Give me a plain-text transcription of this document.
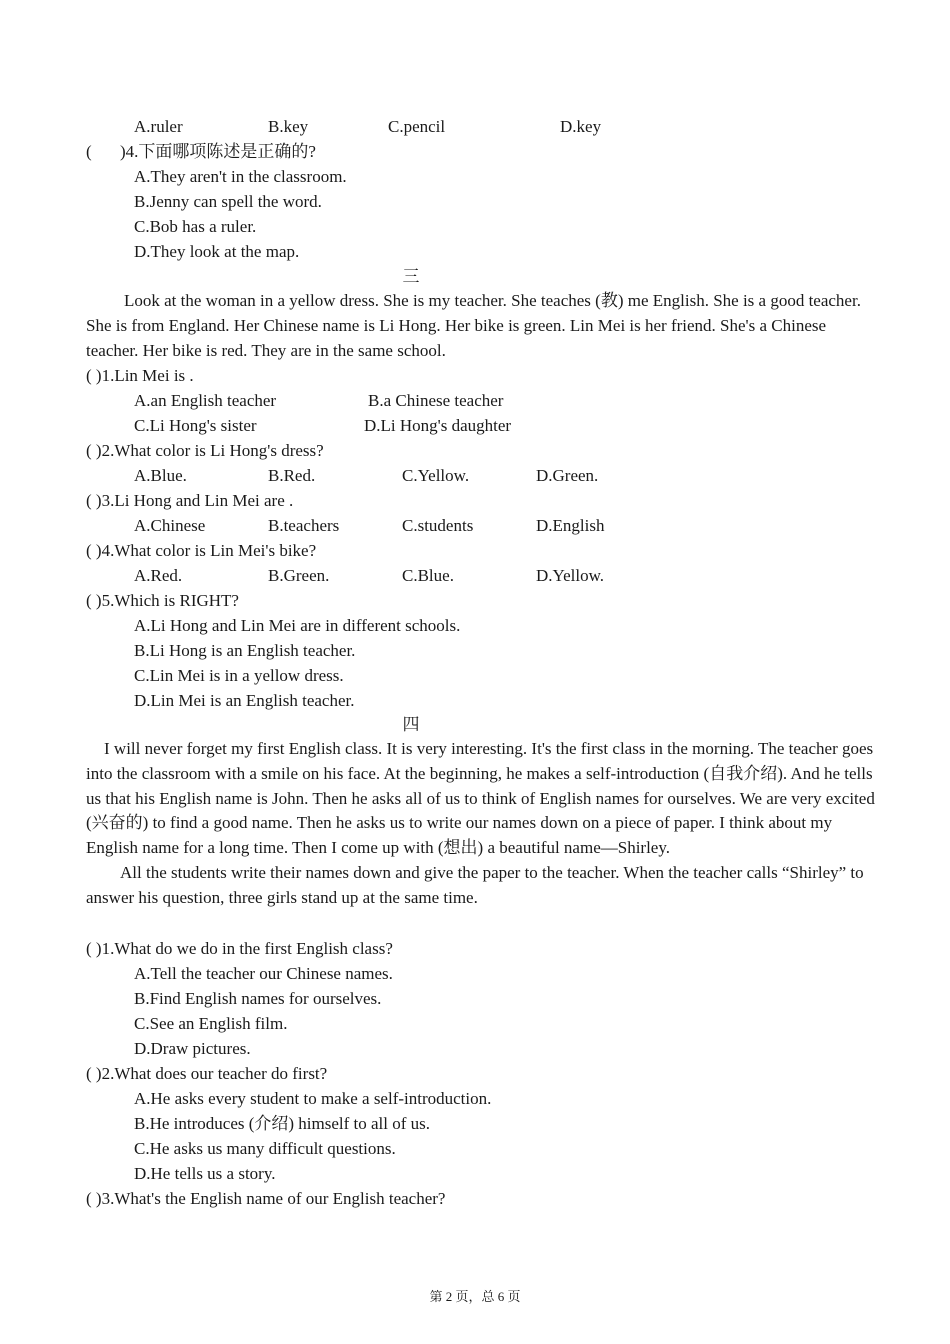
A.ruler	B.key	C.pencil	D.key
( )4.下面哪项陈述是正确的?
A.They aren't in the classroom.
B.Jenny can spell the word.
C.Bob has a ruler.
D.They look at the map.
三

Look at the woman in a yellow dress. She is my teacher. She teaches (教) me English. She is a good teacher. She is from England. Her Chinese name is Li Hong. Her bike is green. Lin Mei is her friend. She's a Chinese teacher. Her bike is red. They are in the same school.

( )1.Lin Mei is .
A.an English teacher	B.a Chinese teacher
C.Li Hong's sister	D.Li Hong's daughter
( )2.What color is Li Hong's dress?
A.Blue.	B.Red.	C.Yellow.	D.Green.
( )3.Li Hong and Lin Mei are .
A.Chinese	B.teachers	C.students	D.English
( )4.What color is Lin Mei's bike?
A.Red.	B.Green.	C.Blue.	D.Yellow.
( )5.Which is RIGHT?
A.Li Hong and Lin Mei are in different schools.
B.Li Hong is an English teacher.
C.Lin Mei is in a yellow dress.
D.Lin Mei is an English teacher.
四

I will never forget my first English class. It is very interesting. It's the first class in the morning. The teacher goes into the classroom with a smile on his face. At the beginning, he makes a self-introduction (自我介绍). And he tells us that his English name is John. Then he asks all of us to think of English names for ourselves. We are very excited (兴奋的) to find a good name. Then he asks us to write our names down on a piece of paper. I think about my English name for a long time. Then I come up with (想出) a beautiful name—Shirley.

All the students write their names down and give the paper to the teacher. When the teacher calls “Shirley” to answer his question, three girls stand up at the same time.

( )1.What do we do in the first English class?
A.Tell the teacher our Chinese names.
B.Find English names for ourselves.
C.See an English film.
D.Draw pictures.
( )2.What does our teacher do first?
A.He asks every student to make a self-introduction.
B.He introduces (介绍) himself to all of us.
C.He asks us many difficult questions.
D.He tells us a story.
( )3.What's the English name of our English teacher?
第 2 页，总 6 页
